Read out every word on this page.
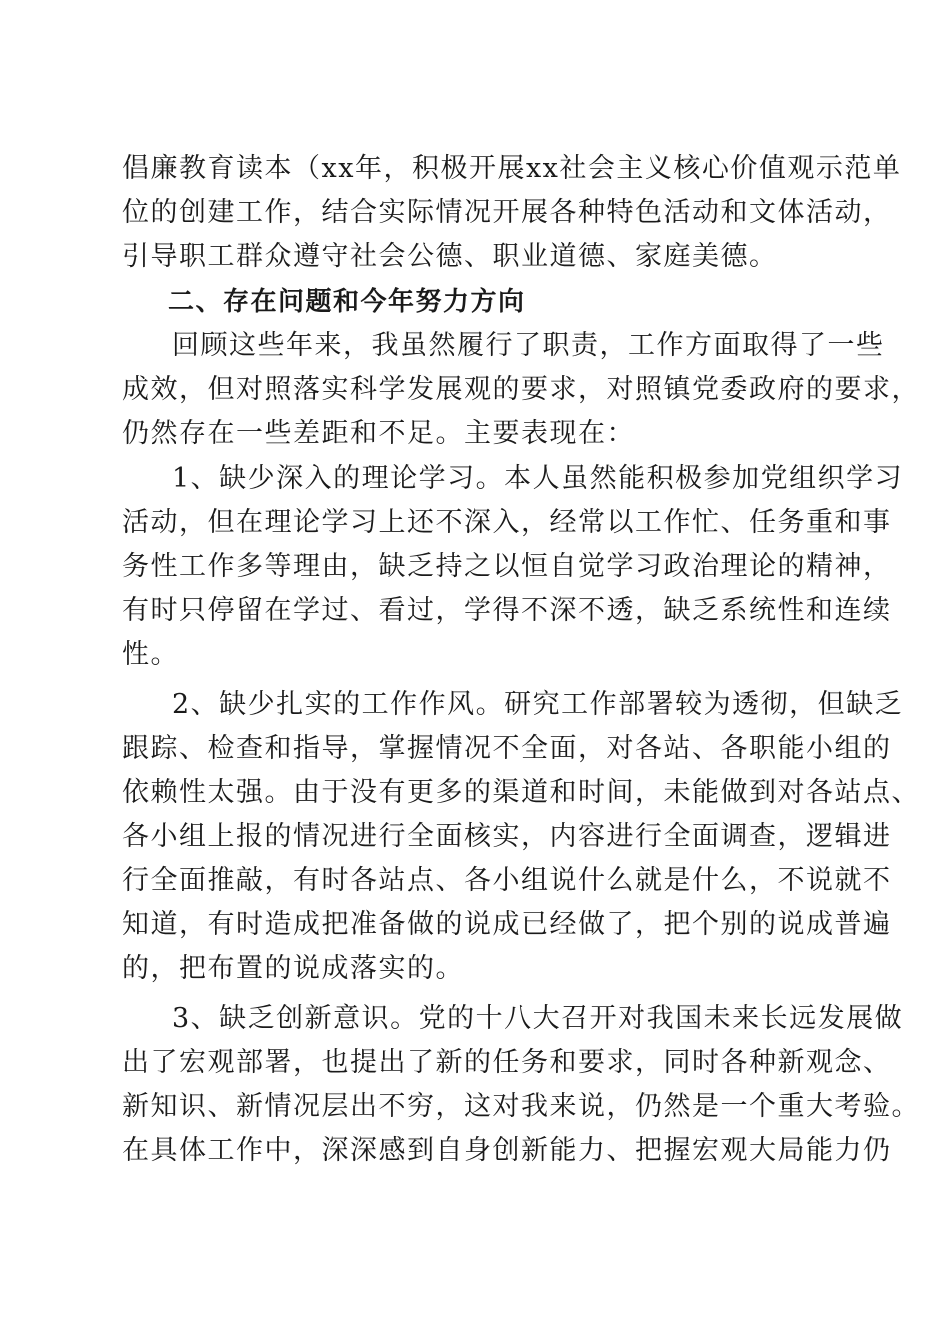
倡廉教育读本（xx年，积极开展xx社会主义核心价值观示范单
位的创建工作，结合实际情况开展各种特色活动和文体活动，
引导职工群众遵守社会公德、职业道德、家庭美德。
二、存在问题和今年努力方向
回顾这些年来，我虽然履行了职责，工作方面取得了一些
成效，但对照落实科学发展观的要求，对照镇党委政府的要求，
仍然存在一些差距和不足。主要表现在：
1、缺少深入的理论学习。本人虽然能积极参加党组织学习
活动，但在理论学习上还不深入，经常以工作忙、任务重和事
务性工作多等理由，缺乏持之以恒自觉学习政治理论的精神，
有时只停留在学过、看过，学得不深不透，缺乏系统性和连续
性。
2、缺少扎实的工作作风。研究工作部署较为透彻，但缺乏
跟踪、检查和指导，掌握情况不全面，对各站、各职能小组的
依赖性太强。由于没有更多的渠道和时间，未能做到对各站点、
各小组上报的情况进行全面核实，内容进行全面调查，逻辑进
行全面推敲，有时各站点、各小组说什么就是什么，不说就不
知道，有时造成把准备做的说成已经做了，把个别的说成普遍
的，把布置的说成落实的。
3、缺乏创新意识。党的十八大召开对我国未来长远发展做
出了宏观部署，也提出了新的任务和要求，同时各种新观念、
新知识、新情况层出不穷，这对我来说，仍然是一个重大考验。
在具体工作中，深深感到自身创新能力、把握宏观大局能力仍
